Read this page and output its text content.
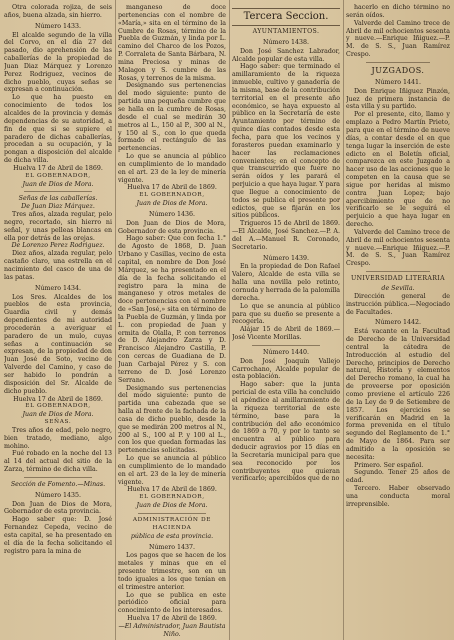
Otra colorada rojiza, de seis años, buena alzada, sin hierro.

Número 1433.

El alcalde segundo de la villa del Corvo, en el día 27 del pasado, dio aprehensión de las caballerías de la propiedad de Juan Diaz Márquez y Lorenzo Perez Rodriguez, vecinos de dicho pueblo, cuyas señas se expresan a continuación.

Lo que ha puesto en conocimiento de todos los alcaldes de la provincia y demás dependencias de su autoridad, a fin de que si se supiere el paradero de dichas caballerías, procedan a su ocupación, y la pongan a disposición del alcalde de dicha villa.

Huelva 17 de Abril de 1869.

EL GOBERNADOR,

Juan de Dios de Mora.

Señas de las caballerías.

De Juan Diaz Márquez.

Tres años, alzada regular, pelo negro, recortado, sin hierro ni señal, y unas pelleas blancas en ella por detrás de las orejas.

De Lorenzo Perez Rodriguez.

Diez años, alzada regular, pelo castaño claro, una estrella en el nacimiento del casco de una de las patas.

Número 1434.

Los Sres. Alcaldes de los pueblos de esta provincia, Guardia civil y demás dependientes de mi autoridad procederán a averiguar el paradero de un mulo, cuyas señas a continuación se expresan, de la propiedad de don Juan José de Soto, vecino de Valverde del Camino, y caso de ser habido lo pondrán a disposición del Sr. Alcalde de dicho pueblo.

Huelva 17 de Abril de 1869.

EL GOBERNADOR,

Juan de Dios de Mora.

SEÑAS.

Tres años de edad, pelo negro, bien tratado, mediano, algo mohino.

Fué robado en la noche del 13 al 14 del actual del sitio de la Zarza, término de dicha villa.

Sección de Fomento.—Minas.

Número 1435.

Don Juan de Dios de Mora, Gobernador de esta provincia.

Hago saber que: D. José Fernandez Cepeda, vecino de esta capital, se ha presentado en el día de la fecha solicitando el registro para la mina de

manganeso de doce pertenencias con el nombre de «María,» sita en el término de la Cumbre de Rosas, término de la Puebla de Guzmán, y linda por L. camino del Charco de los Pozos, P. Corraleta de Santa Bárbara, N. mina Preciosa y minas de Malagon y S. cumbre de las Rosas, y terrenos de la misma.

Designando sus pertenencias del modo siguiente: punto de partida una pequeña cumbre que se halla en la cumbre de Rosas, desde el cual se medirán 30 metros al L., 150 al P., 300 al N., y 150 al S., con lo que queda formado el rectángulo de las pertenencias.

Lo que se anuncia al público en cumplimiento de lo mandado en el art. 23 de la ley de minería vigente.

Huelva 17 de Abril de 1869.

EL GOBERNADOR,

Juan de Dios de Mora.

Número 1436.

Don Juan de Dios de Mora, Gobernador de esta provincia.

Hago saber: Que con fecha 1.° de Agosto de 1868, D. Juan Urbano y Casillas, vecino de esta capital, en nombre de Don José Márquez, se ha presentado en el día de la fecha solicitando el registro para la mina de manganeso y otros metales de doce pertenencias con el nombre de «San José,» sita en término de la Puebla de Guzmán, y linda por L. con propiedad de Juan y ermita de Olalla, P. con terrenos de D. Alejandro Zarza y D. Francisco Alejandro Castilla, P. con cercas de Guadiana de D. Juan Carbajal Pérez y S. con terreno de D. José Lorenzo Serrano.

Designando sus pertenencias del modo siguiente: punto de partida una cabezada que se halla al frente de la fachada de la casa de dicho pueblo, desde la que se medirán 200 metros al N., 200 al S., 100 al P. y 100 al L., con los que quedan formadas las pertenencias solicitadas.

Lo que se anuncia al público en cumplimiento de lo mandado en el art. 23 de la ley de minería vigente.

Huelva 17 de Abril de 1869.

EL GOBERNADOR,

Juan de Dios de Mora.

ADMINISTRACIÓN DE HACIENDA

pública de esta provincia.

Número 1437.

Los pagos que se hacen de los metales y minas que en el presente trimestre, son en un todo iguales a los que tenían en el trimestre anterior.

Lo que se publica en este periódico oficial para conocimiento de los interesados.

Huelva 17 de Abril de 1869.

—El Administrador, Juan Bautista Niño.

Tercera Seccion.
AYUNTAMIENTOS.

Número 1438.

Don José Sanchez Labrador, Alcalde popular de esta villa.

Hago saber: que terminado el amillaramiento de la riqueza inmueble, cultivo y ganadería de la misma, base de la contribución territorial en el presente año económico, se haya expuesto al público en la Secretaría de este Ayuntamiento por término de quince días contados desde esta fecha, para que los vecinos y forasteros puedan examinarlo y hacer las reclamaciones convenientes; en el concepto de que transcurrido que fuere no serán oídos y les parará el perjuicio a que haya lugar. Y para que llegue a conocimiento de todos se publica el presente por edictos, que se fijarán en los sitios públicos.

Trigueros 15 de Abril de 1869.—El Alcalde, José Sanchez.—P. A. del A.—Manuel R. Coronado, Secretario.

Número 1439.

En la propiedad de Don Rafael Valero, Alcalde de esta villa se halla una novilla pelo retinto, cornuda y herrada de la palomilla derecha.

Lo que se anuncia al público para que su dueño se presente a recogerla.

Alájar 15 de Abril de 1869.—José Vicente Morillas.

Número 1440.

Don José Joaquín Vallejo Carrochano, Alcalde popular de esta población.

Hago saber: que la junta pericial de esta villa ha concluido el apéndice al amillaramiento de la riqueza territorial de este término, base para la contribución del año económico de 1869 a 70, y por lo tanto se encuentra al público para deducir agravios por 15 días en la Secretaría municipal para que sea reconocido por los contribuyentes que quieran verificarlo; apercibidos que de no

hacerlo en dicho término no serán oídos.

Valverde del Camino trece de Abril de mil ochocientos sesenta y nueve.—Enrique Iñiguez.—P. M. de S. S., Juan Ramírez Crespo.

JUZGADOS.

Número 1441.

Don Enrique Iñiguez Pinzón, Juez de primera instancia de esta villa y su partido.

Por el presente, cito, llamo y emplazo a Pedro Martín Prieto, para que en el término de nueve días, a contar desde el en que tenga lugar la inserción de este edicto en el Boletín oficial, comparezca en este Juzgado a hacer uso de las acciones que le competen en la causa que se sigue por heridas al mismo contra Juan Lopez; bajo apercibimiento que de no verificarlo se le seguirá el perjuicio a que haya lugar en derecho.

Valverde del Camino trece de Abril de mil ochocientos sesenta y nueve.—Enrique Iñiguez.—P. M. de S. S., Juan Ramírez Crespo.

UNIVERSIDAD LITERARIA

de Sevilla.

Dirección general de instrucción pública.—Negociado de Facultades.

Número 1442.

Está vacante en la Facultad de Derecho de la Universidad central la cátedra de Introducción al estudio del Derecho, principios de Derecho natural, Historia y elementos del Derecho romano, la cual ha de proveerse por oposición como previene el artículo 226 de la Ley de 9 de Setiembre de 1857. Los ejercicios se verificarán en Madrid en la forma prevenida en el título segundo del Reglamento de 1.° de Mayo de 1864. Para ser admitido a la oposición se necesita:

Primero. Ser español.

Segundo. Tener 25 años de edad.

Tercero. Haber observado una conducta moral irreprensible.
